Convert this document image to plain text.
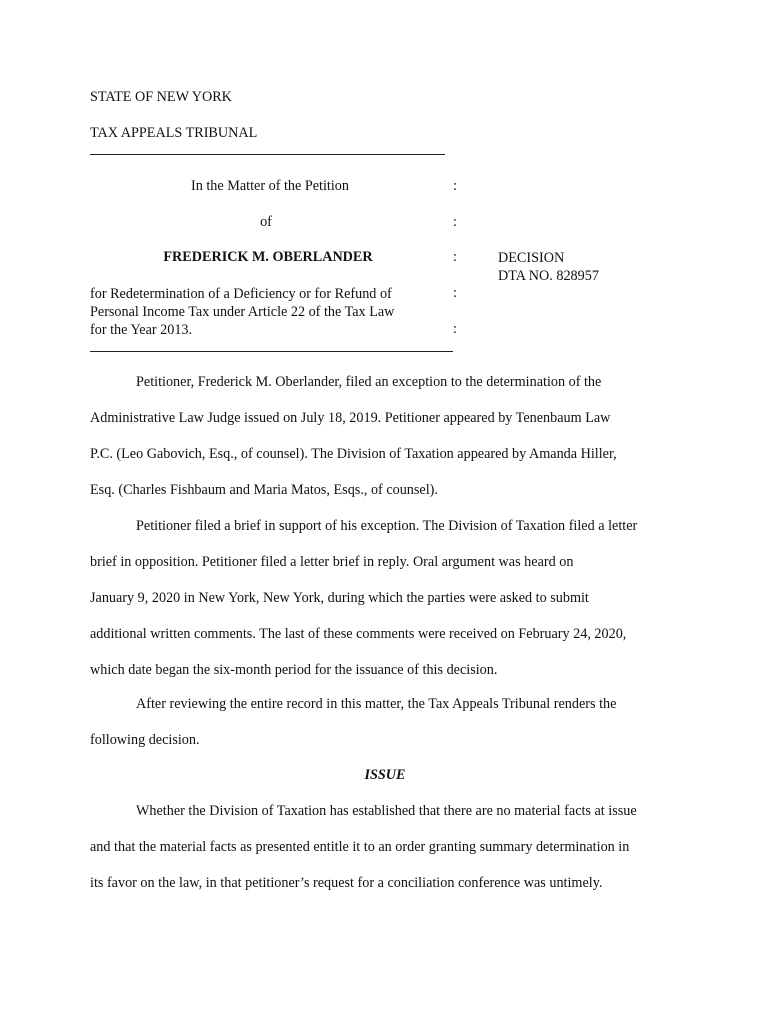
STATE OF NEW YORK
TAX APPEALS TRIBUNAL
In the Matter of the Petition
of
FREDERICK M. OBERLANDER
for Redetermination of a Deficiency or for Refund of
Personal Income Tax under Article 22 of the Tax Law
for the Year 2013.
:
:
:
:
:
DECISION
DTA NO. 828957
Petitioner, Frederick M. Oberlander, filed an exception to the determination of the
Administrative Law Judge issued on July 18, 2019. Petitioner appeared by Tenenbaum Law
P.C. (Leo Gabovich, Esq., of counsel). The Division of Taxation appeared by Amanda Hiller,
Esq. (Charles Fishbaum and Maria Matos, Esqs., of counsel).
Petitioner filed a brief in support of his exception. The Division of Taxation filed a letter
brief in opposition. Petitioner filed a letter brief in reply. Oral argument was heard on
January 9, 2020 in New York, New York, during which the parties were asked to submit
additional written comments. The last of these comments were received on February 24, 2020,
which date began the six-month period for the issuance of this decision.
After reviewing the entire record in this matter, the Tax Appeals Tribunal renders the
following decision.
ISSUE
Whether the Division of Taxation has established that there are no material facts at issue
and that the material facts as presented entitle it to an order granting summary determination in
its favor on the law, in that petitioner’s request for a conciliation conference was untimely.
